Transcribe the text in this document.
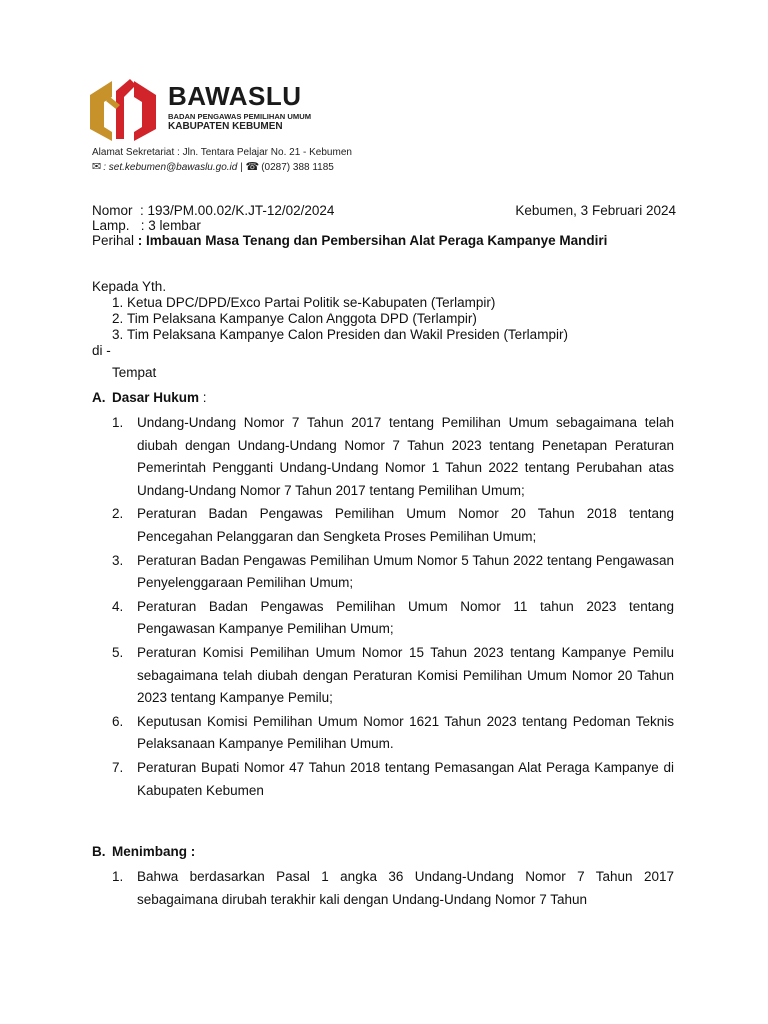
BAWASLU
BADAN PENGAWAS PEMILIHAN UMUM
KABUPATEN KEBUMEN
Alamat Sekretariat : Jln. Tentara Pelajar No. 21 - Kebumen
✉ : set.kebumen@bawaslu.go.id | ☎ (0287) 388 1185
Nomor : 193/PM.00.02/K.JT-12/02/2024	Kebumen, 3 Februari 2024
Lamp. : 3 lembar
Perihal : Imbauan Masa Tenang dan Pembersihan Alat Peraga Kampanye Mandiri
Kepada Yth.
1. Ketua DPC/DPD/Exco Partai Politik se-Kabupaten (Terlampir)
2. Tim Pelaksana Kampanye Calon Anggota DPD (Terlampir)
3. Tim Pelaksana Kampanye Calon Presiden dan Wakil Presiden (Terlampir)
di -
Tempat
A. Dasar Hukum :
1. Undang-Undang Nomor 7 Tahun 2017 tentang Pemilihan Umum sebagaimana telah diubah dengan Undang-Undang Nomor 7 Tahun 2023 tentang Penetapan Peraturan Pemerintah Pengganti Undang-Undang Nomor 1 Tahun 2022 tentang Perubahan atas Undang-Undang Nomor 7 Tahun 2017 tentang Pemilihan Umum;
2. Peraturan Badan Pengawas Pemilihan Umum Nomor 20 Tahun 2018 tentang Pencegahan Pelanggaran dan Sengketa Proses Pemilihan Umum;
3. Peraturan Badan Pengawas Pemilihan Umum Nomor 5 Tahun 2022 tentang Pengawasan Penyelenggaraan Pemilihan Umum;
4. Peraturan Badan Pengawas Pemilihan Umum Nomor 11 tahun 2023 tentang Pengawasan Kampanye Pemilihan Umum;
5. Peraturan Komisi Pemilihan Umum Nomor 15 Tahun 2023 tentang Kampanye Pemilu sebagaimana telah diubah dengan Peraturan Komisi Pemilihan Umum Nomor 20 Tahun 2023 tentang Kampanye Pemilu;
6. Keputusan Komisi Pemilihan Umum Nomor 1621 Tahun 2023 tentang Pedoman Teknis Pelaksanaan Kampanye Pemilihan Umum.
7. Peraturan Bupati Nomor 47 Tahun 2018 tentang Pemasangan Alat Peraga Kampanye di Kabupaten Kebumen
B. Menimbang :
1. Bahwa berdasarkan Pasal 1 angka 36 Undang-Undang Nomor 7 Tahun 2017 sebagaimana dirubah terakhir kali dengan Undang-Undang Nomor 7 Tahun
